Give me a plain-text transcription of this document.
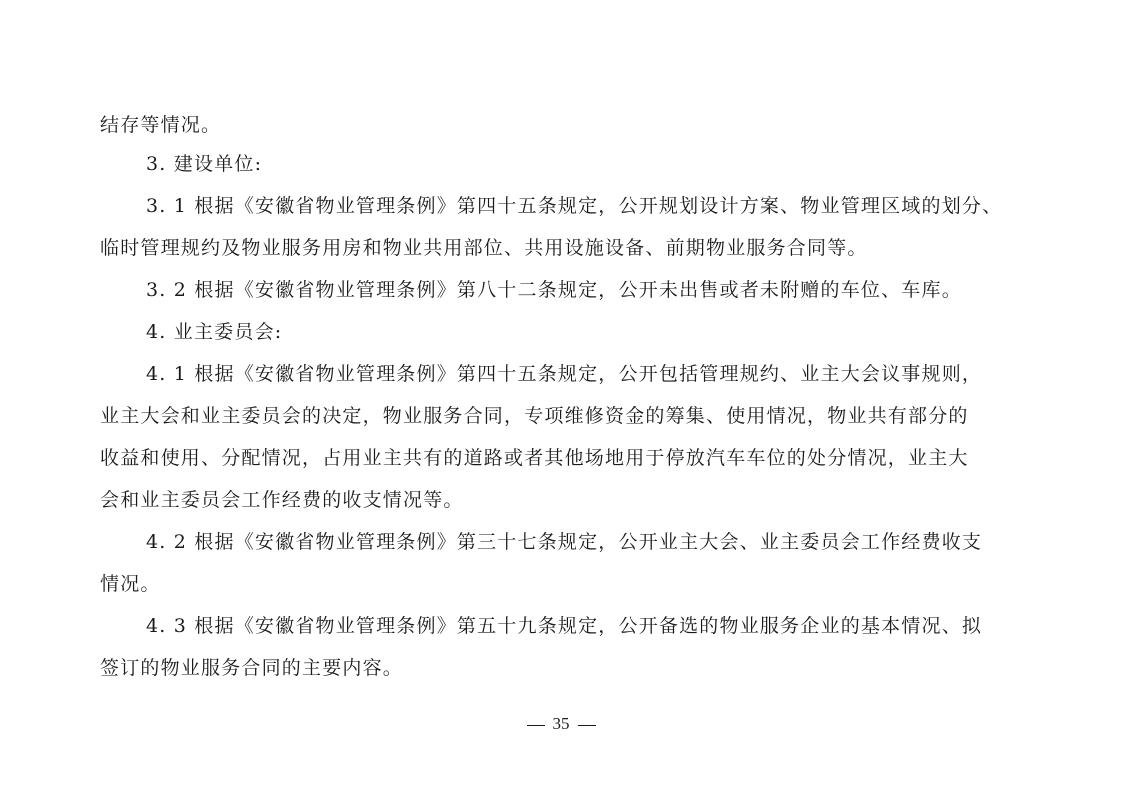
结存等情况。
3. 建设单位:
3. 1 根据《安徽省物业管理条例》第四十五条规定，公开规划设计方案、物业管理区域的划分、
临时管理规约及物业服务用房和物业共用部位、共用设施设备、前期物业服务合同等。
3. 2 根据《安徽省物业管理条例》第八十二条规定，公开未出售或者未附赠的车位、车库。
4. 业主委员会:
4. 1 根据《安徽省物业管理条例》第四十五条规定，公开包括管理规约、业主大会议事规则，
业主大会和业主委员会的决定，物业服务合同，专项维修资金的筹集、使用情况，物业共有部分的
收益和使用、分配情况，占用业主共有的道路或者其他场地用于停放汽车车位的处分情况，业主大
会和业主委员会工作经费的收支情况等。
4. 2 根据《安徽省物业管理条例》第三十七条规定，公开业主大会、业主委员会工作经费收支
情况。
4. 3 根据《安徽省物业管理条例》第五十九条规定，公开备选的物业服务企业的基本情况、拟
签订的物业服务合同的主要内容。
35
